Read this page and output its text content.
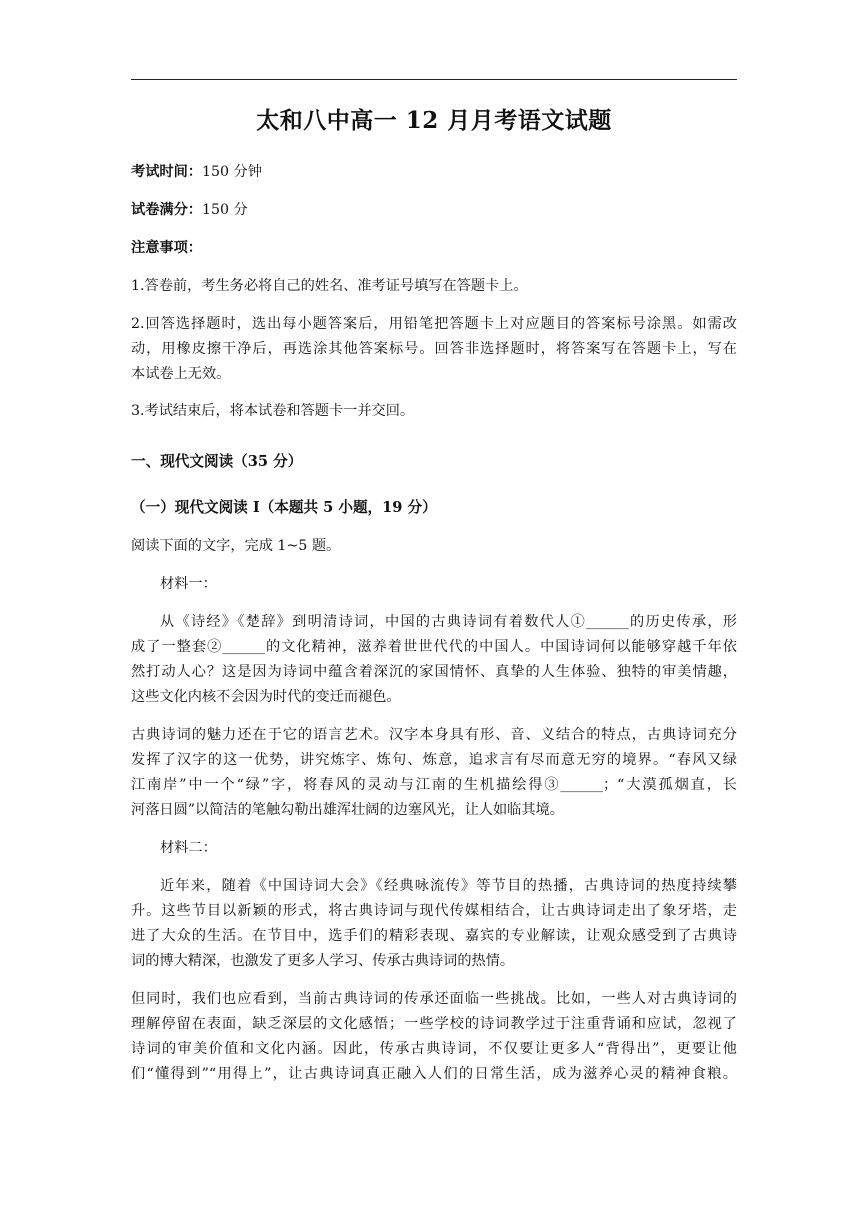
太和八中高一 12 月月考语文试题
考试时间：150 分钟
试卷满分：150 分
注意事项：
1.答卷前，考生务必将自己的姓名、准考证号填写在答题卡上。
2.回答选择题时，选出每小题答案后，用铅笔把答题卡上对应题目的答案标号涂黑。如需改
动，用橡皮擦干净后，再选涂其他答案标号。回答非选择题时，将答案写在答题卡上，写在
本试卷上无效。
3.考试结束后，将本试卷和答题卡一并交回。
一、现代文阅读（35 分）
（一）现代文阅读 I（本题共 5 小题，19 分）
阅读下面的文字，完成 1~5 题。
材料一：
从《诗经》《楚辞》到明清诗词，中国的古典诗词有着数代人①______的历史传承，形
成了一整套②______的文化精神，滋养着世世代代的中国人。中国诗词何以能够穿越千年依
然打动人心？这是因为诗词中蕴含着深沉的家国情怀、真挚的人生体验、独特的审美情趣，
这些文化内核不会因为时代的变迁而褪色。
古典诗词的魅力还在于它的语言艺术。汉字本身具有形、音、义结合的特点，古典诗词充分
发挥了汉字的这一优势，讲究炼字、炼句、炼意，追求言有尽而意无穷的境界。“春风又绿
江南岸”中一个“绿”字，将春风的灵动与江南的生机描绘得③______；“大漠孤烟直，长
河落日圆”以简洁的笔触勾勒出雄浑壮阔的边塞风光，让人如临其境。
材料二：
近年来，随着《中国诗词大会》《经典咏流传》等节目的热播，古典诗词的热度持续攀
升。这些节目以新颖的形式，将古典诗词与现代传媒相结合，让古典诗词走出了象牙塔，走
进了大众的生活。在节目中，选手们的精彩表现、嘉宾的专业解读，让观众感受到了古典诗
词的博大精深，也激发了更多人学习、传承古典诗词的热情。
但同时，我们也应看到，当前古典诗词的传承还面临一些挑战。比如，一些人对古典诗词的
理解停留在表面，缺乏深层的文化感悟；一些学校的诗词教学过于注重背诵和应试，忽视了
诗词的审美价值和文化内涵。因此，传承古典诗词，不仅要让更多人“背得出”，更要让他
们“懂得到”“用得上”，让古典诗词真正融入人们的日常生活，成为滋养心灵的精神食粮。
